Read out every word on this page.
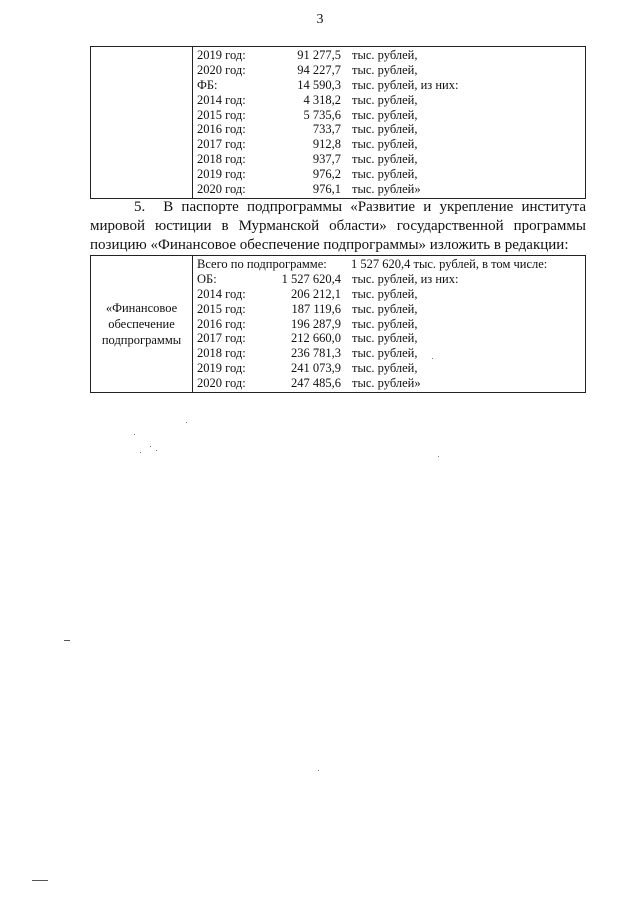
3

2019 год:	91 277,5 тыс. рублей,
2020 год:	94 227,7 тыс. рублей,
ФБ:	14 590,3 тыс. рублей, из них:
2014 год:	4 318,2 тыс. рублей,
2015 год:	5 735,6 тыс. рублей,
2016 год:	733,7 тыс. рублей,
2017 год:	912,8 тыс. рублей,
2018 год:	937,7 тыс. рублей,
2019 год:	976,2 тыс. рублей,
2020 год:	976,1 тыс. рублей»
5. В паспорте подпрограммы «Развитие и укрепление института мировой юстиции в Мурманской области» государственной программы позицию «Финансовое обеспечение подпрограммы» изложить в редакции:
«Финансовое обеспечение подпрограммы	
Всего по подпрограмме: 1 527 620,4 тыс. рублей, в том числе:
ОБ:	1 527 620,4 тыс. рублей, из них:
2014 год:	206 212,1 тыс. рублей,
2015 год:	187 119,6 тыс. рублей,
2016 год:	196 287,9 тыс. рублей,
2017 год:	212 660,0 тыс. рублей,
2018 год:	236 781,3 тыс. рублей,
2019 год:	241 073,9 тыс. рублей,
2020 год:	247 485,6 тыс. рублей»
